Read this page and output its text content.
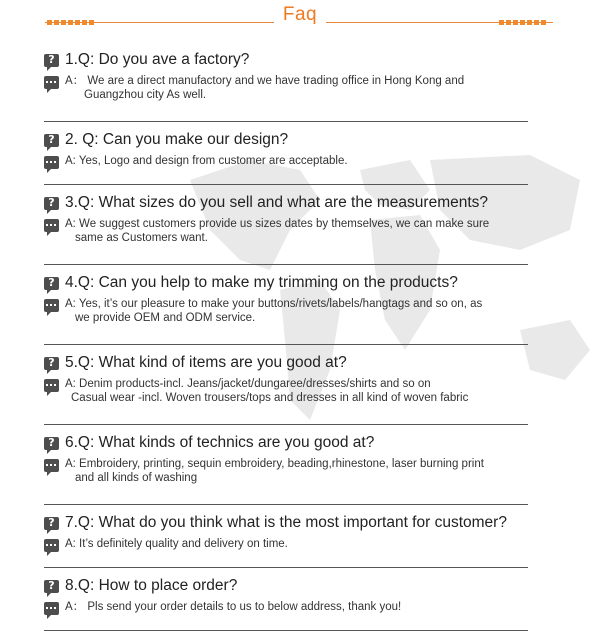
Faq
? 1.Q: Do you ave a factory?
A： We are a direct manufactory and we have trading office in Hong Kong and
Guangzhou city As well.
? 2. Q: Can you make our design?
A: Yes, Logo and design from customer are acceptable.
? 3.Q: What sizes do you sell and what are the measurements?
A: We suggest customers provide us sizes dates by themselves, we can make sure
same as Customers want.
? 4.Q: Can you help to make my trimming on the products?
A: Yes, it’s our pleasure to make your buttons/rivets/labels/hangtags and so on, as
we provide OEM and ODM service.
? 5.Q: What kind of items are you good at?
A: Denim products-incl. Jeans/jacket/dungaree/dresses/shirts and so on
Casual wear -incl. Woven trousers/tops and dresses in all kind of woven fabric
? 6.Q: What kinds of technics are you good at?
A: Embroidery, printing, sequin embroidery, beading,rhinestone, laser burning print
and all kinds of washing
? 7.Q: What do you think what is the most important for customer?
A: It’s definitely quality and delivery on time.
? 8.Q: How to place order?
A： Pls send your order details to us to below address, thank you!
